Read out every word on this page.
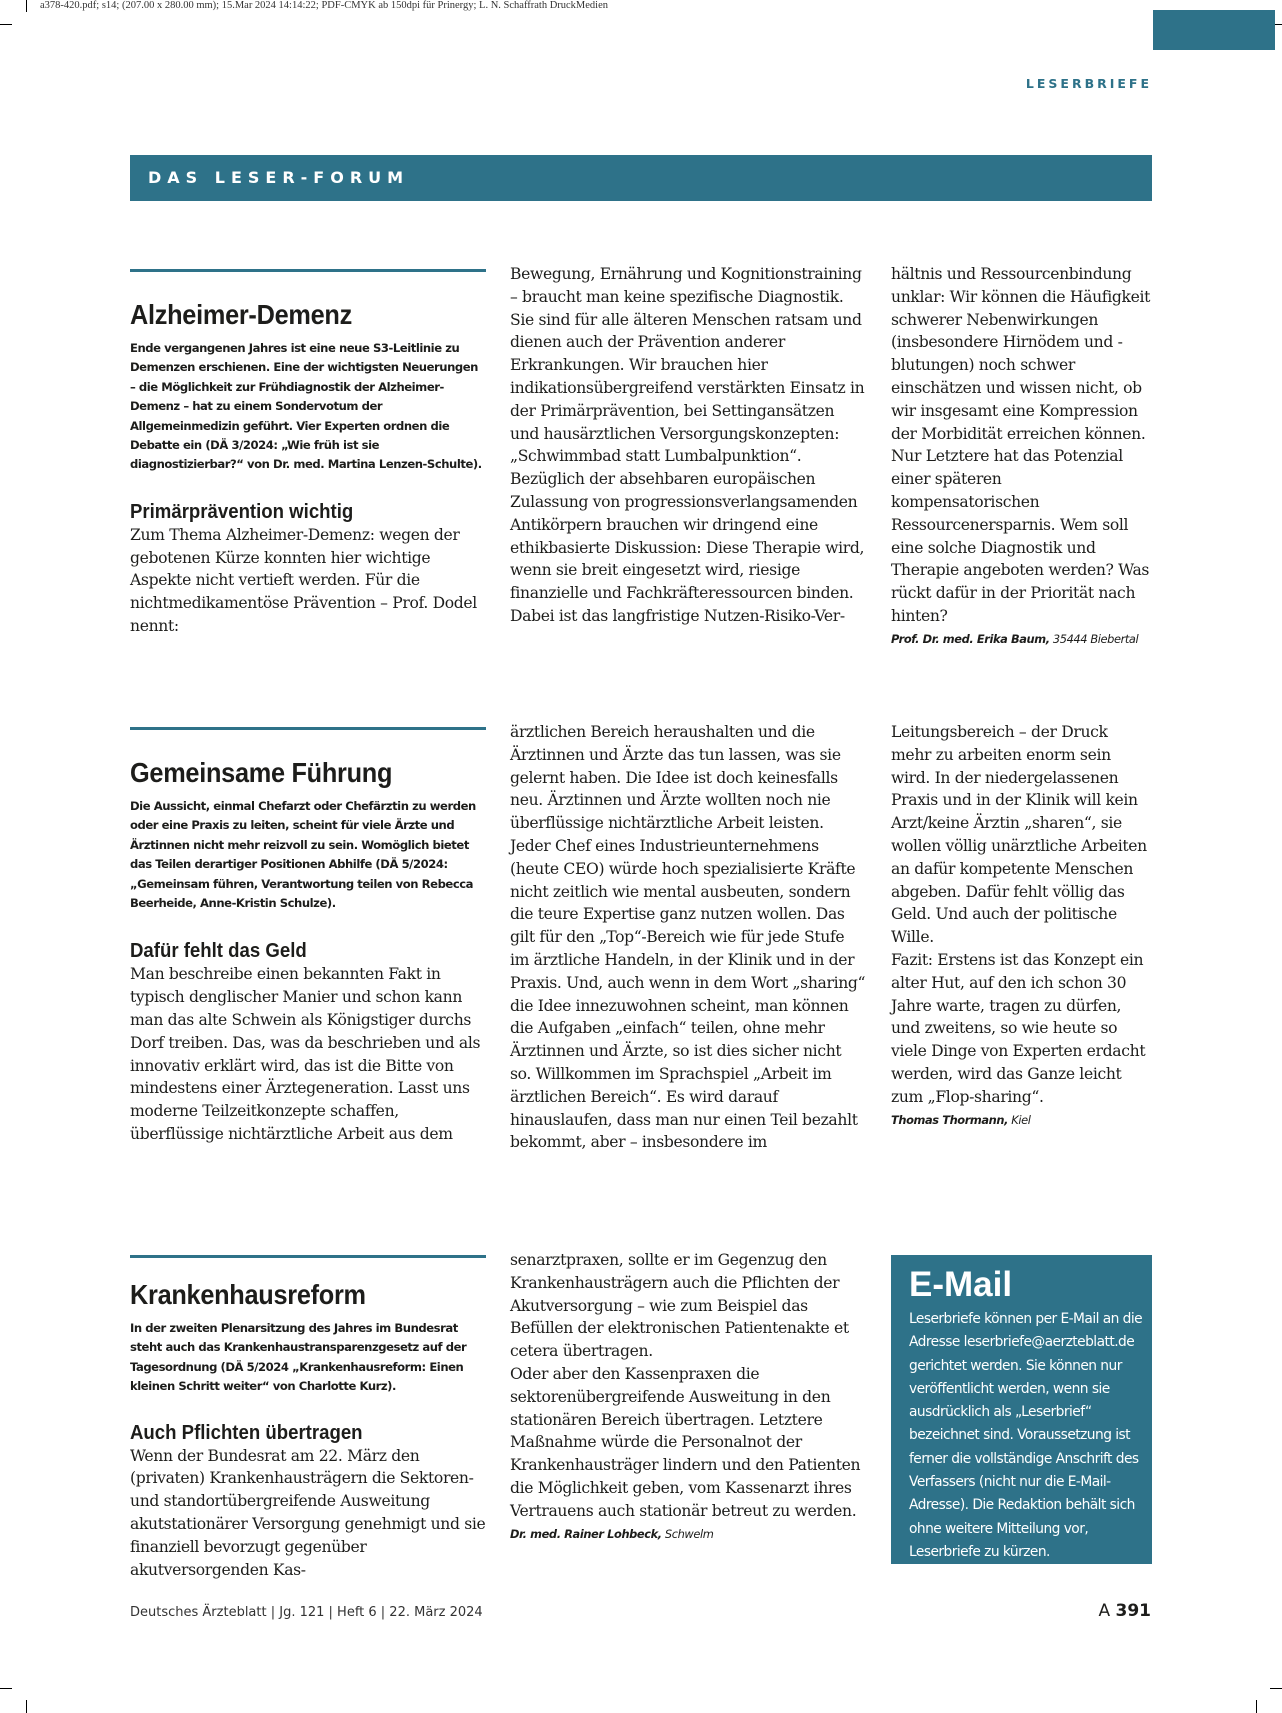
a378-420.pdf; s14; (207.00 x 280.00 mm); 15.Mar 2024 14:14:22; PDF-CMYK ab 150dpi für Prinergy; L. N. Schaffrath DruckMedien
LESERBRIEFE
DAS LESER-FORUM
Alzheimer-Demenz

Ende vergangenen Jahres ist eine neue S3-Leitlinie zu Demenzen erschienen. Eine der wichtigsten Neuerungen – die Möglichkeit zur Frühdiagnostik der Alzheimer-Demenz – hat zu einem Sondervotum der Allgemeinmedizin geführt. Vier Experten ordnen die Debatte ein (DÄ 3/2024: „Wie früh ist sie diagnostizierbar?“ von Dr. med. Martina Lenzen-Schulte).

Primärprävention wichtig

Zum Thema Alzheimer-Demenz: wegen der gebotenen Kürze konnten hier wichtige Aspekte nicht vertieft werden. Für die nichtmedikamentöse Prävention – Prof. Dodel nennt:

Bewegung, Ernährung und Kognitionstraining – braucht man keine spezifische Diagnostik. Sie sind für alle älteren Menschen ratsam und dienen auch der Prävention anderer Erkrankungen. Wir brauchen hier indikationsübergreifend verstärkten Einsatz in der Primärprävention, bei Settingansätzen und hausärztlichen Versorgungskonzepten: „Schwimmbad statt Lumbalpunktion“. Bezüglich der absehbaren europäischen Zulassung von progressionsverlangsamenden Antikörpern brauchen wir dringend eine ethikbasierte Diskussion: Diese Therapie wird, wenn sie breit eingesetzt wird, riesige finanzielle und Fachkräfteressourcen binden. Dabei ist das langfristige Nutzen-Risiko-Ver-

hältnis und Ressourcenbindung unklar: Wir können die Häufigkeit schwerer Nebenwirkungen (insbesondere Hirnödem und -blutungen) noch schwer einschätzen und wissen nicht, ob wir insgesamt eine Kompression der Morbidität erreichen können. Nur Letztere hat das Potenzial einer späteren kompensatorischen Ressourcenersparnis. Wem soll eine solche Diagnostik und Therapie angeboten werden? Was rückt dafür in der Priorität nach hinten?

Prof. Dr. med. Erika Baum, 35444 Biebertal

Gemeinsame Führung

Die Aussicht, einmal Chefarzt oder Chefärztin zu werden oder eine Praxis zu leiten, scheint für viele Ärzte und Ärztinnen nicht mehr reizvoll zu sein. Womöglich bietet das Teilen derartiger Positionen Abhilfe (DÄ 5/2024: „Gemeinsam führen, Verantwortung teilen von Rebecca Beerheide, Anne-Kristin Schulze).

Dafür fehlt das Geld

Man beschreibe einen bekannten Fakt in typisch denglischer Manier und schon kann man das alte Schwein als Königstiger durchs Dorf treiben. Das, was da beschrieben und als innovativ erklärt wird, das ist die Bitte von mindestens einer Ärztegeneration. Lasst uns moderne Teilzeitkonzepte schaffen, überflüssige nichtärztliche Arbeit aus dem

ärztlichen Bereich heraushalten und die Ärztinnen und Ärzte das tun lassen, was sie gelernt haben. Die Idee ist doch keinesfalls neu. Ärztinnen und Ärzte wollten noch nie überflüssige nichtärztliche Arbeit leisten. Jeder Chef eines Industrieunternehmens (heute CEO) würde hoch spezialisierte Kräfte nicht zeitlich wie mental ausbeuten, sondern die teure Expertise ganz nutzen wollen. Das gilt für den „Top“-Bereich wie für jede Stufe im ärztliche Handeln, in der Klinik und in der Praxis. Und, auch wenn in dem Wort „sharing“ die Idee innezuwohnen scheint, man können die Aufgaben „einfach“ teilen, ohne mehr Ärztinnen und Ärzte, so ist dies sicher nicht so. Willkommen im Sprachspiel „Arbeit im ärztlichen Bereich“. Es wird darauf hinauslaufen, dass man nur einen Teil bezahlt bekommt, aber – insbesondere im

Leitungsbereich – der Druck mehr zu arbeiten enorm sein wird. In der niedergelassenen Praxis und in der Klinik will kein Arzt/keine Ärztin „sharen“, sie wollen völlig unärztliche Arbeiten an dafür kompetente Menschen abgeben. Dafür fehlt völlig das Geld. Und auch der politische Wille.

Fazit: Erstens ist das Konzept ein alter Hut, auf den ich schon 30 Jahre warte, tragen zu dürfen, und zweitens, so wie heute so viele Dinge von Experten erdacht werden, wird das Ganze leicht zum „Flop-sharing“.

Thomas Thormann, Kiel

Krankenhausreform

In der zweiten Plenarsitzung des Jahres im Bundesrat steht auch das Krankenhaustransparenzgesetz auf der Tagesordnung (DÄ 5/2024 „Krankenhausreform: Einen kleinen Schritt weiter“ von Charlotte Kurz).

Auch Pflichten übertragen

Wenn der Bundesrat am 22. März den (privaten) Krankenhausträgern die Sektoren- und standortübergreifende Ausweitung akutstationärer Versorgung genehmigt und sie finanziell bevorzugt gegenüber akutversorgenden Kas-

senarztpraxen, sollte er im Gegenzug den Krankenhausträgern auch die Pflichten der Akutversorgung – wie zum Beispiel das Befüllen der elektronischen Patientenakte et cetera übertragen.

Oder aber den Kassenpraxen die sektorenübergreifende Ausweitung in den stationären Bereich übertragen. Letztere Maßnahme würde die Personalnot der Krankenhausträger lindern und den Patienten die Möglichkeit geben, vom Kassenarzt ihres Vertrauens auch stationär betreut zu werden.

Dr. med. Rainer Lohbeck, Schwelm

E-Mail
Leserbriefe können per E-Mail an die Adresse leserbriefe@aerzteblatt.de gerichtet werden. Sie können nur veröffentlicht werden, wenn sie ausdrücklich als „Leserbrief“ bezeichnet sind. Voraussetzung ist ferner die vollständige Anschrift des Verfassers (nicht nur die E-Mail-Adresse). Die Redaktion behält sich ohne weitere Mitteilung vor, Leserbriefe zu kürzen.
Deutsches Ärzteblatt | Jg. 121 | Heft 6 | 22. März 2024	A 391
